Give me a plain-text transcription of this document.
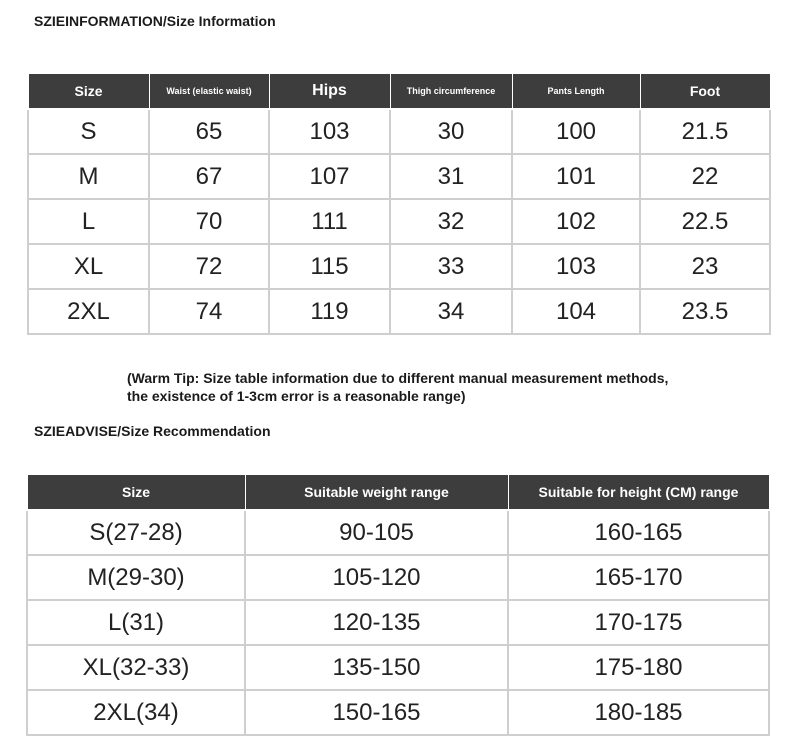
SZIEINFORMATION/Size Information
Size	Waist (elastic waist)	Hips	Thigh circumference	Pants Length	Foot
S	65	103	30	100	21.5
M	67	107	31	101	22
L	70	111	32	102	22.5
XL	72	115	33	103	23
2XL	74	119	34	104	23.5
(Warm Tip: Size table information due to different manual measurement methods,
the existence of 1-3cm error is a reasonable range)
SZIEADVISE/Size Recommendation
Size	Suitable weight range	Suitable for height (CM) range
S(27-28)	90-105	160-165
M(29-30)	105-120	165-170
L(31)	120-135	170-175
XL(32-33)	135-150	175-180
2XL(34)	150-165	180-185
